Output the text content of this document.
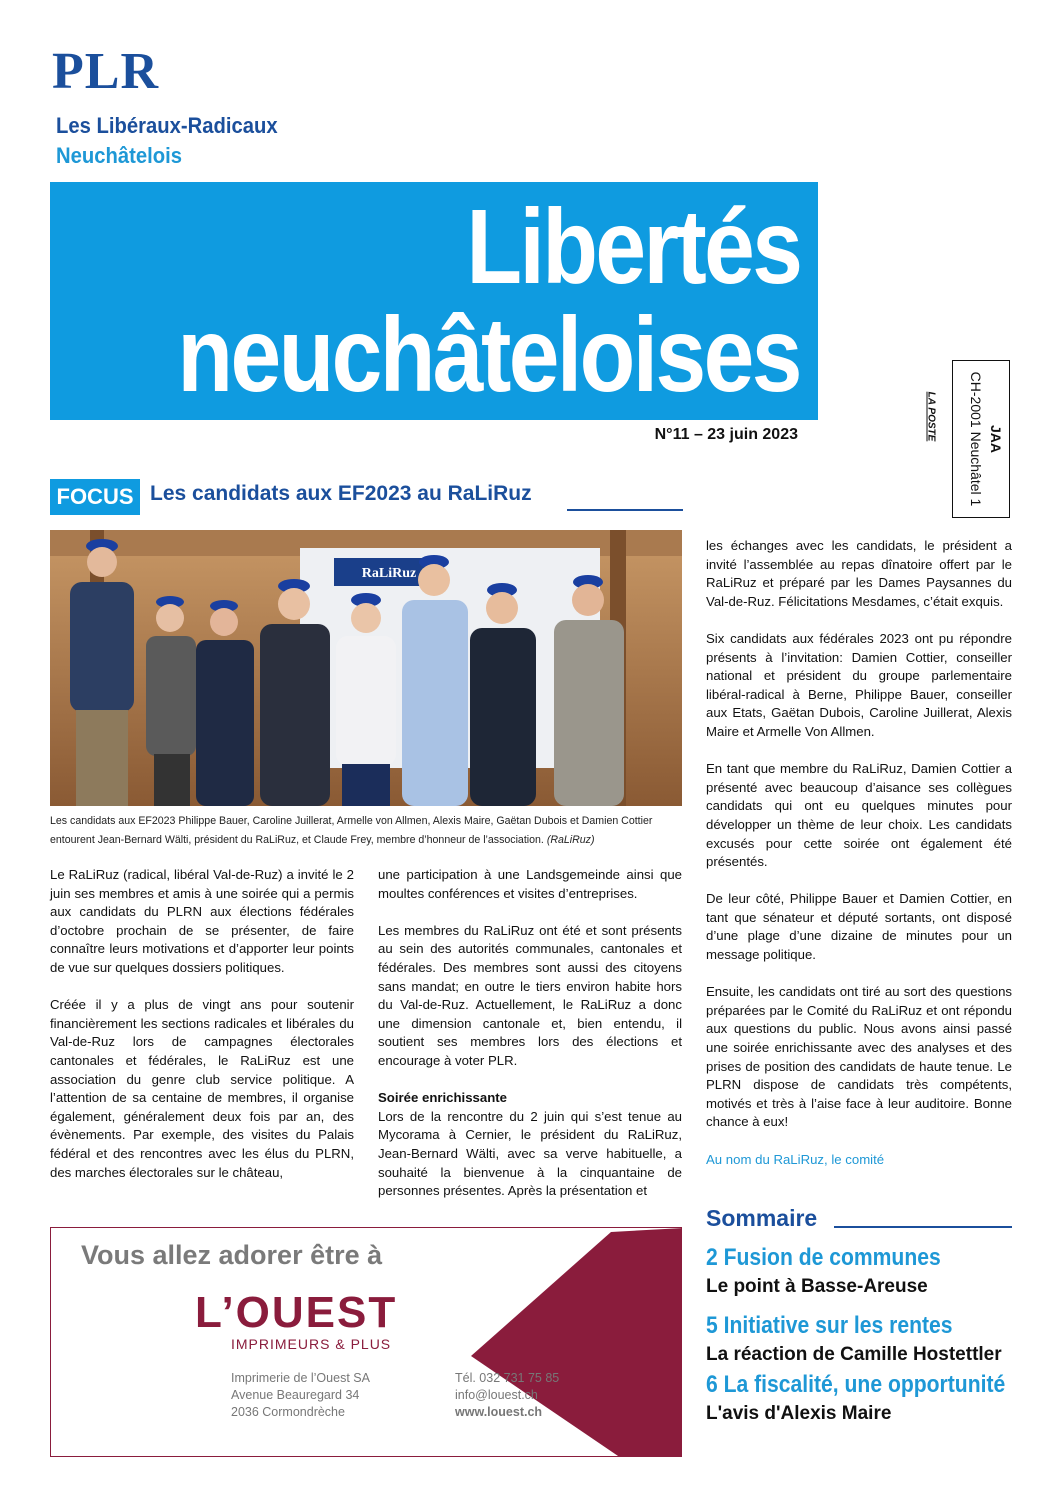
PLR
Les Libéraux-Radicaux
Neuchâtelois
Libertés
neuchâteloises
N°11 – 23 juin 2023	JAA
CH-2001 Neuchâtel 1
LA POSTE
FOCUS Les candidats aux EF2023 au RaLiRuz
RaLiRuz
Les candidats aux EF2023 Philippe Bauer, Caroline Juillerat, Armelle von Allmen, Alexis Maire, Gaëtan Dubois et Damien Cottier entourent Jean-Bernard Wälti, président du RaLiRuz, et Claude Frey, membre d’honneur de l’association. (RaLiRuz)

Le RaLiRuz (radical, libéral Val-de-Ruz) a invité le 2 juin ses membres et amis à une soirée qui a permis aux candidats du PLRN aux élections fédérales d’octobre prochain de se présenter, de faire connaître leurs motivations et d’apporter leur points de vue sur quelques dossiers politiques.

Créée il y a plus de vingt ans pour soutenir financièrement les sections radicales et libérales du Val-de-Ruz lors de campagnes électorales cantonales et fédérales, le RaLiRuz est une association du genre club service politique. A l’attention de sa centaine de membres, il organise également, généralement deux fois par an, des évènements. Par exemple, des visites du Palais fédéral et des rencontres avec les élus du PLRN, des marches électorales sur le château,

une participation à une Landsgemeinde ainsi que moultes conférences et visites d’entreprises.

Les membres du RaLiRuz ont été et sont présents au sein des autorités communales, cantonales et fédérales. Des membres sont aussi des citoyens sans mandat; en outre le tiers environ habite hors du Val-de-Ruz. Actuellement, le RaLiRuz a donc une dimension cantonale et, bien entendu, il soutient ses membres lors des élections et encourage à voter PLR.

Soirée enrichissante

Lors de la rencontre du 2 juin qui s’est tenue au Mycorama à Cernier, le président du RaLiRuz, Jean-Bernard Wälti, avec sa verve habituelle, a souhaité la bienvenue à la cinquantaine de personnes présentes. Après la présentation et

les échanges avec les candidats, le président a invité l’assemblée au repas dînatoire offert par le RaLiRuz et préparé par les Dames Paysannes du Val-de-Ruz. Félicitations Mesdames, c’était exquis.

Six candidats aux fédérales 2023 ont pu répondre présents à l’invitation: Damien Cottier, conseiller national et président du groupe parlementaire libéral-radical à Berne, Philippe Bauer, conseiller aux Etats, Gaëtan Dubois, Caroline Juillerat, Alexis Maire et Armelle Von Allmen.

En tant que membre du RaLiRuz, Damien Cottier a présenté avec beaucoup d’aisance ses collègues candidats qui ont eu quelques minutes pour développer un thème de leur choix. Les candidats excusés pour cette soirée ont également été présentés.

De leur côté, Philippe Bauer et Damien Cottier, en tant que sénateur et député sortants, ont disposé d’une plage d’une dizaine de minutes pour un message politique.

Ensuite, les candidats ont tiré au sort des questions préparées par le Comité du RaLiRuz et ont répondu aux questions du public. Nous avons ainsi passé une soirée enrichissante avec des analyses et des prises de position des candidats de haute tenue. Le PLRN dispose de candidats très compétents, motivés et très à l’aise face à leur auditoire. Bonne chance à eux!

Au nom du RaLiRuz, le comité

Vous allez adorer être à
L’OUEST
IMPRIMEURS & PLUS
Imprimerie de l’Ouest SA
Avenue Beauregard 34
2036 Cormondrèche
Tél. 032 731 75 85
info@louest.ch
www.louest.ch
Sommaire
2 Fusion de communes
Le point à Basse-Areuse
5 Initiative sur les rentes
La réaction de Camille Hostettler
6 La fiscalité, une opportunité
L'avis d'Alexis Maire
